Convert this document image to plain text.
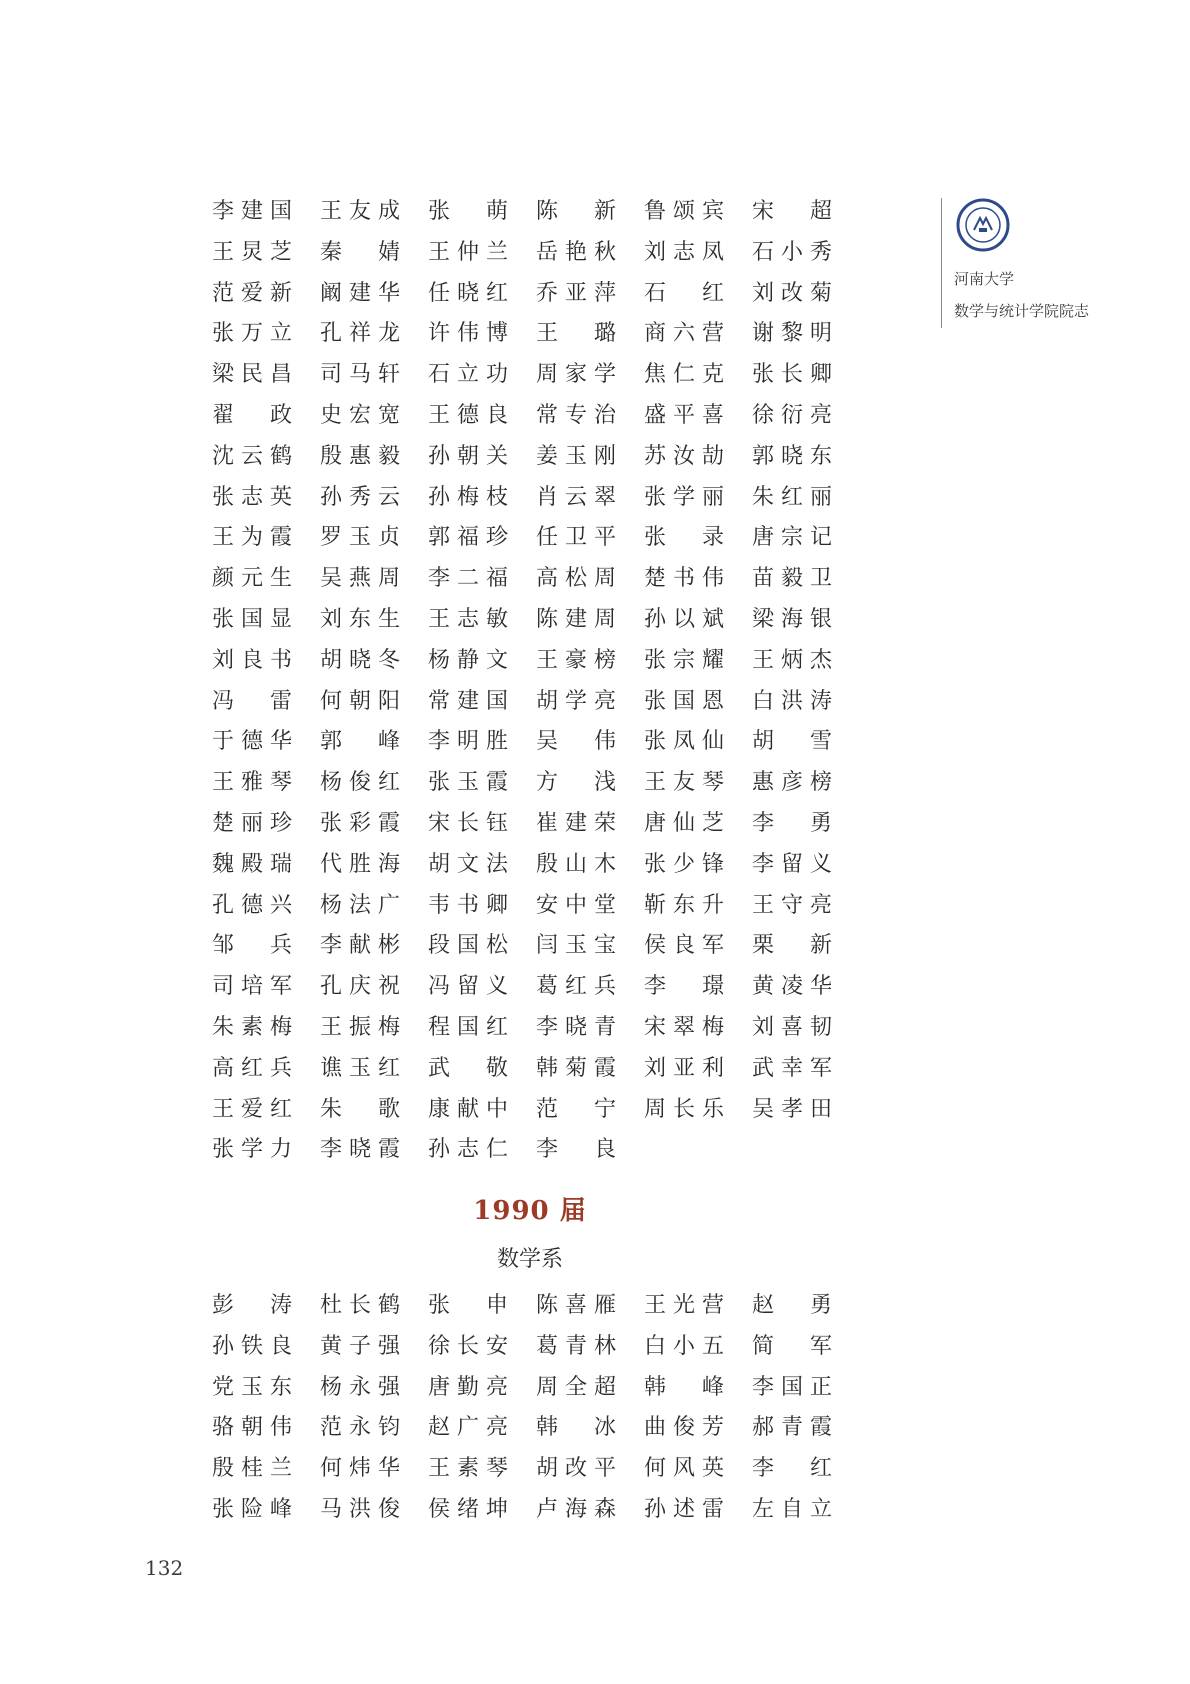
河南大学
数学与统计学院院志
李 建 国 王 友 成 张 萌 陈 新 鲁 颂 宾 宋 超
王 炅 芝 秦 婧 王 仲 兰 岳 艳 秋 刘 志 凤 石 小 秀
范 爱 新 阚 建 华 任 晓 红 乔 亚 萍 石 红 刘 改 菊
张 万 立 孔 祥 龙 许 伟 博 王 璐 商 六 营 谢 黎 明
梁 民 昌 司 马 轩 石 立 功 周 家 学 焦 仁 克 张 长 卿
翟 政 史 宏 宽 王 德 良 常 专 治 盛 平 喜 徐 衍 亮
沈 云 鹤 殷 惠 毅 孙 朝 关 姜 玉 刚 苏 汝 劼 郭 晓 东
张 志 英 孙 秀 云 孙 梅 枝 肖 云 翠 张 学 丽 朱 红 丽
王 为 霞 罗 玉 贞 郭 福 珍 任 卫 平 张 录 唐 宗 记
颜 元 生 吴 燕 周 李 二 福 高 松 周 楚 书 伟 苗 毅 卫
张 国 显 刘 东 生 王 志 敏 陈 建 周 孙 以 斌 梁 海 银
刘 良 书 胡 晓 冬 杨 静 文 王 豪 榜 张 宗 耀 王 炳 杰
冯 雷 何 朝 阳 常 建 国 胡 学 亮 张 国 恩 白 洪 涛
于 德 华 郭 峰 李 明 胜 吴 伟 张 凤 仙 胡 雪
王 雅 琴 杨 俊 红 张 玉 霞 方 浅 王 友 琴 惠 彦 榜
楚 丽 珍 张 彩 霞 宋 长 钰 崔 建 荣 唐 仙 芝 李 勇
魏 殿 瑞 代 胜 海 胡 文 法 殷 山 木 张 少 锋 李 留 义
孔 德 兴 杨 法 广 韦 书 卿 安 中 堂 靳 东 升 王 守 亮
邹 兵 李 献 彬 段 国 松 闫 玉 宝 侯 良 军 栗 新
司 培 军 孔 庆 祝 冯 留 义 葛 红 兵 李 璟 黄 凌 华
朱 素 梅 王 振 梅 程 国 红 李 晓 青 宋 翠 梅 刘 喜 韧
高 红 兵 谯 玉 红 武 敬 韩 菊 霞 刘 亚 利 武 幸 军
王 爱 红 朱 歌 康 献 中 范 宁 周 长 乐 吴 孝 田
张 学 力 李 晓 霞 孙 志 仁 李 良
1990 届
数学系
彭 涛 杜 长 鹤 张 申 陈 喜 雁 王 光 营 赵 勇
孙 铁 良 黄 子 强 徐 长 安 葛 青 林 白 小 五 简 军
党 玉 东 杨 永 强 唐 勤 亮 周 全 超 韩 峰 李 国 正
骆 朝 伟 范 永 钧 赵 广 亮 韩 冰 曲 俊 芳 郝 青 霞
殷 桂 兰 何 炜 华 王 素 琴 胡 改 平 何 风 英 李 红
张 险 峰 马 洪 俊 侯 绪 坤 卢 海 森 孙 述 雷 左 自 立
132
